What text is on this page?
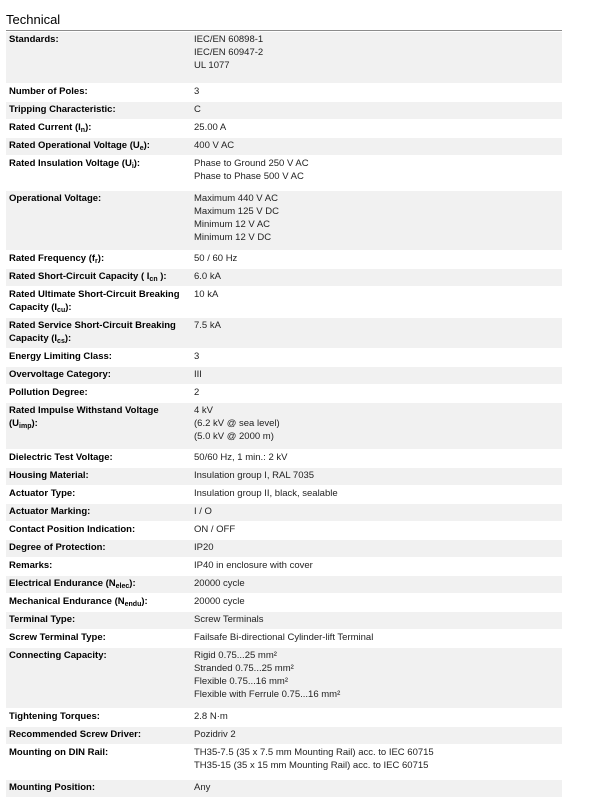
Technical
Standards:	IEC/EN 60898-1
IEC/EN 60947-2
UL 1077

Number of Poles:	3

Tripping Characteristic:	C

Rated Current $(I_n)$:	25.00 A

Rated Operational Voltage $(U_e)$:	400 V AC

Rated Insulation Voltage $(U_i)$:	Phase to Ground 250 V AC
Phase to Phase 500 V AC

Operational Voltage:	Maximum 440 V AC
Maximum 125 V DC
Minimum 12 V AC
Minimum 12 V DC

Rated Frequency $(f_r)$:	50 / 60 Hz

Rated Short-Circuit Capacity ( $I_{cn}$ ):	6.0 kA

Rated Ultimate Short-Circuit Breaking Capacity $(I_{cu})$:	10 kA

Rated Service Short-Circuit Breaking Capacity $(I_{cs})$:	7.5 kA

Energy Limiting Class:	3

Overvoltage Category:	III

Pollution Degree:	2

Rated Impulse Withstand Voltage $(U_{imp})$:	4 kV
(6.2 kV @ sea level)
(5.0 kV @ 2000 m)

Dielectric Test Voltage:	50/60 Hz, 1 min.: 2 kV

Housing Material:	Insulation group I, RAL 7035

Actuator Type:	Insulation group II, black, sealable

Actuator Marking:	I / O

Contact Position Indication:	ON / OFF

Degree of Protection:	IP20

Remarks:	IP40 in enclosure with cover

Electrical Endurance $(N_{elec})$:	20000 cycle

Mechanical Endurance $(N_{endu})$:	20000 cycle

Terminal Type:	Screw Terminals

Screw Terminal Type:	Failsafe Bi-directional Cylinder-lift Terminal

Connecting Capacity:	Rigid 0.75...25 mm²
Stranded 0.75...25 mm²
Flexible 0.75...16 mm²
Flexible with Ferrule 0.75...16 mm²

Tightening Torques:	2.8 N·m

Recommended Screw Driver:	Pozidriv 2

Mounting on DIN Rail:	TH35-7.5 (35 x 7.5 mm Mounting Rail) acc. to IEC 60715
TH35-15 (35 x 15 mm Mounting Rail) acc. to IEC 60715

Mounting Position:	Any
